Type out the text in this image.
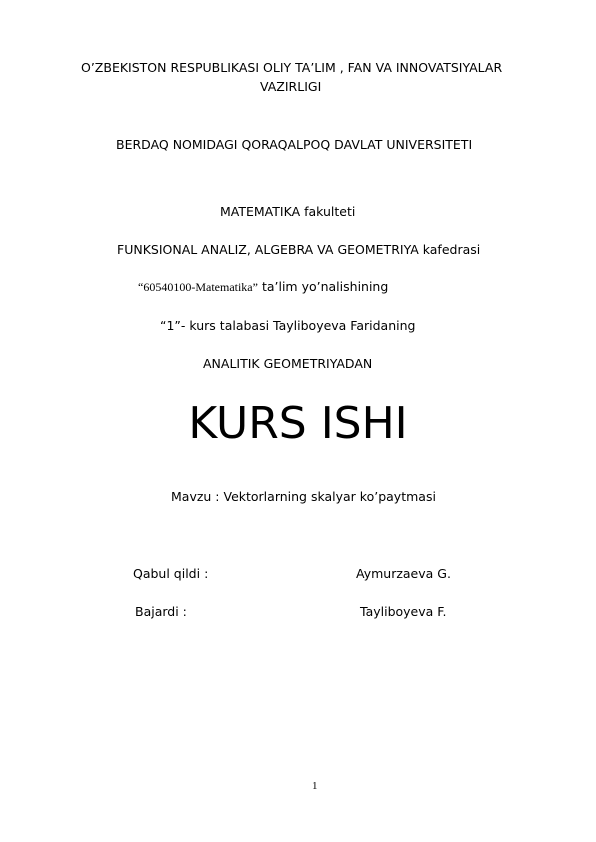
O’ZBEKISTON RESPUBLIKASI OLIY TA’LIM , FAN VA INNOVATSIYALAR
VAZIRLIGI
BERDAQ NOMIDAGI QORAQALPOQ DAVLAT UNIVERSITETI
MATEMATIKA fakulteti
FUNKSIONAL ANALIZ, ALGEBRA VA GEOMETRIYA kafedrasi
“60540100-Matematika” ta’lim yo’nalishining
“1”- kurs talabasi Tayliboyeva Faridaning
ANALITIK GEOMETRIYADAN
KURS ISHI
Mavzu : Vektorlarning skalyar ko’paytmasi
Qabul qildi :	Aymurzaeva G.
Bajardi :	Tayliboyeva F.
1
